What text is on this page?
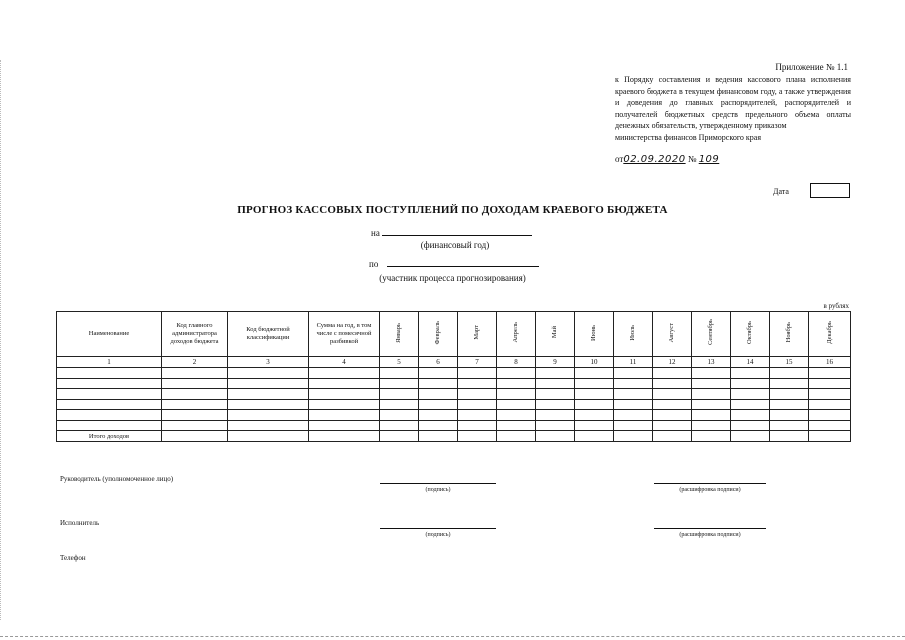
Приложение № 1.1
к Порядку составления и ведения кассового плана исполнения краевого бюджета в текущем финансовом году, а также утверждения и доведения до главных распорядителей, распорядителей и получателей бюджетных средств предельного объема оплаты денежных обязательств, утвержденному приказом
министерства финансов Приморского края
от02.09.2020 № 109
Дата
ПРОГНОЗ КАССОВЫХ ПОСТУПЛЕНИЙ ПО ДОХОДАМ КРАЕВОГО БЮДЖЕТА
на
(финансовый год)
по
(участник процесса прогнозирования)
в рублях
Наименование	Код главного администратора доходов бюджета	Код бюджетной классификации	Сумма на год, в том числе с помесячной разбивкой	Январь	Февраль	Март	Апрель	Май	Июнь	Июль	Август	Сентябрь	Октябрь	Ноябрь	Декабрь
1	2	3	4	5	6	7	8	9	10	11	12	13	14	15	16

Итого доходов															
Руководитель (уполномоченное лицо)
(подпись)	(расшифровка подписи)
Исполнитель
(подпись)	(расшифровка подписи)
Телефон
